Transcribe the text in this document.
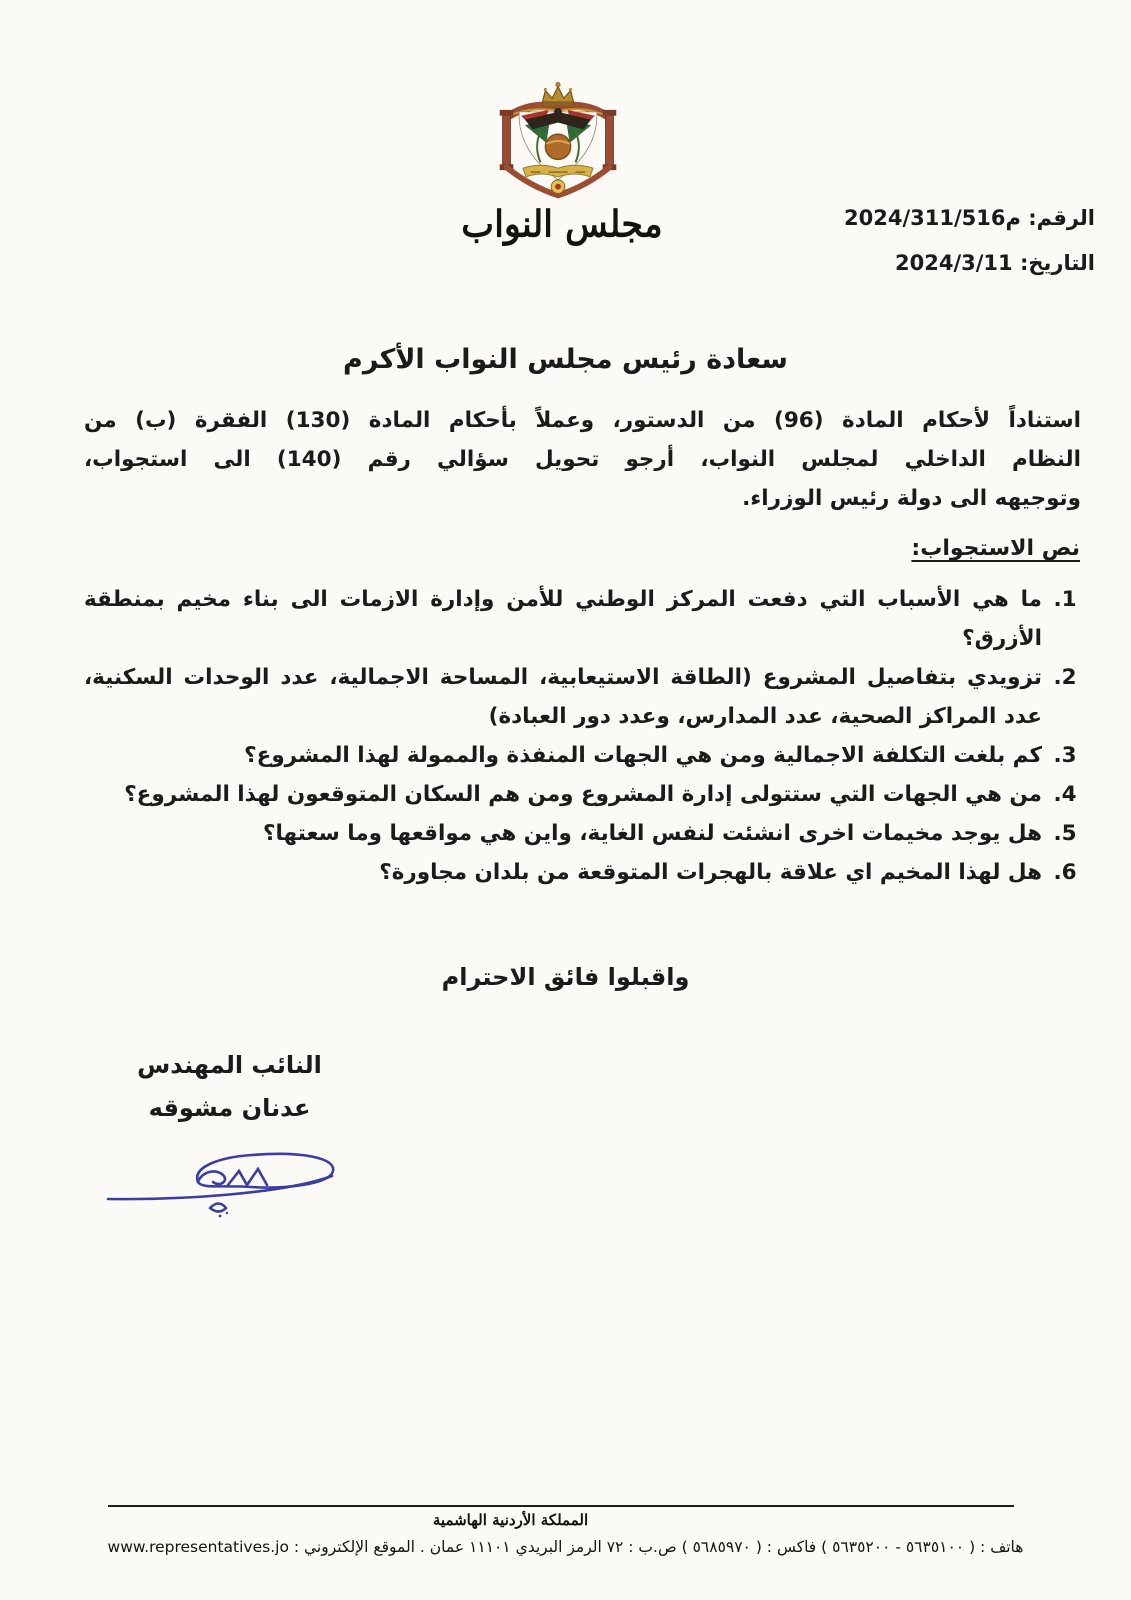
مجلس النواب	الرقم: م2024/311/516
التاريخ: 2024/3/11
سعادة رئيس مجلس النواب الأكرم
استناداً لأحكام المادة (96) من الدستور، وعملاً بأحكام المادة (130) الفقرة (ب) من
النظام الداخلي لمجلس النواب، أرجو تحويل سؤالي رقم (140) الى استجواب،
وتوجيهه الى دولة رئيس الوزراء.
نص الاستجواب:
1. ما هي الأسباب التي دفعت المركز الوطني للأمن وإدارة الازمات الى بناء مخيم بمنطقة الأزرق؟
2. تزويدي بتفاصيل المشروع (الطاقة الاستيعابية، المساحة الاجمالية، عدد الوحدات السكنية، عدد المراكز الصحية، عدد المدارس، وعدد دور العبادة)
3. كم بلغت التكلفة الاجمالية ومن هي الجهات المنفذة والممولة لهذا المشروع؟
4. من هي الجهات التي ستتولى إدارة المشروع ومن هم السكان المتوقعون لهذا المشروع؟
5. هل يوجد مخيمات اخرى انشئت لنفس الغاية، واين هي مواقعها وما سعتها؟
6. هل لهذا المخيم اي علاقة بالهجرات المتوقعة من بلدان مجاورة؟
واقبلوا فائق الاحترام
النائب المهندس
عدنان مشوقه
المملكة الأردنية الهاشمية
هاتف : ( ٥٦٣٥١٠٠ - ٥٦٣٥٢٠٠ ) فاكس : ( ٥٦٨٥٩٧٠ ) ص.ب : ٧٢ الرمز البريدي ١١١٠١ عمان . الموقع الإلكتروني : www.representatives.jo
